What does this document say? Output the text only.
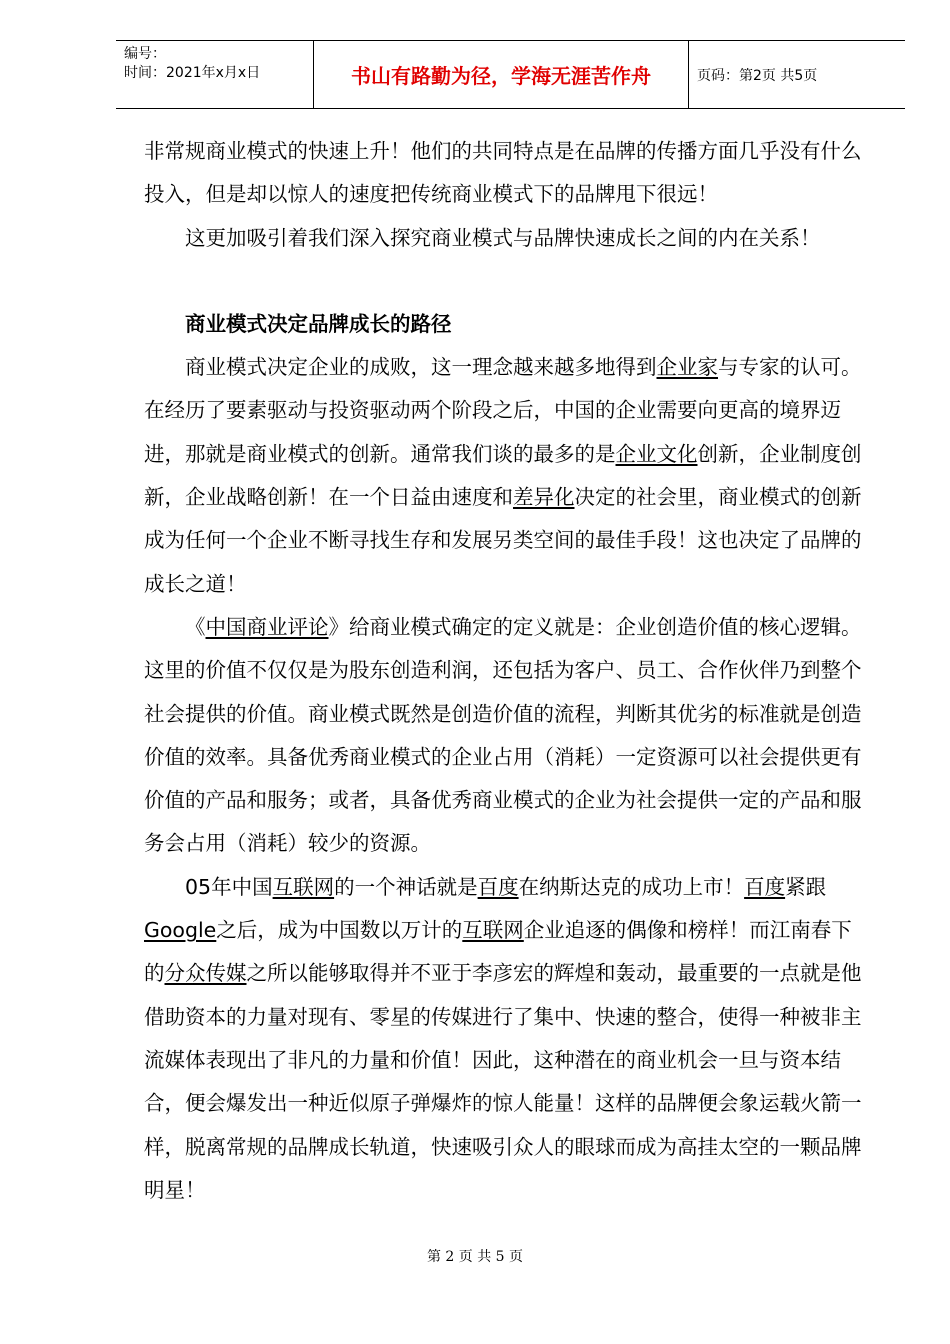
编号：
时间：2021年x月x日	书山有路勤为径，学海无涯苦作舟	页码：第2页 共5页

非常规商业模式的快速上升！他们的共同特点是在品牌的传播方面几乎没有什么投入，但是却以惊人的速度把传统商业模式下的品牌甩下很远！

这更加吸引着我们深入探究商业模式与品牌快速成长之间的内在关系！

商业模式决定品牌成长的路径

商业模式决定企业的成败，这一理念越来越多地得到企业家与专家的认可。在经历了要素驱动与投资驱动两个阶段之后，中国的企业需要向更高的境界迈进，那就是商业模式的创新。通常我们谈的最多的是企业文化创新，企业制度创新，企业战略创新！在一个日益由速度和差异化决定的社会里，商业模式的创新成为任何一个企业不断寻找生存和发展另类空间的最佳手段！这也决定了品牌的成长之道！

《中国商业评论》给商业模式确定的定义就是：企业创造价值的核心逻辑。这里的价值不仅仅是为股东创造利润，还包括为客户、员工、合作伙伴乃到整个社会提供的价值。商业模式既然是创造价值的流程，判断其优劣的标准就是创造价值的效率。具备优秀商业模式的企业占用（消耗）一定资源可以社会提供更有价值的产品和服务；或者，具备优秀商业模式的企业为社会提供一定的产品和服务会占用（消耗）较少的资源。

05年中国互联网的一个神话就是百度在纳斯达克的成功上市！百度紧跟Google之后，成为中国数以万计的互联网企业追逐的偶像和榜样！而江南春下的分众传媒之所以能够取得并不亚于李彦宏的辉煌和轰动，最重要的一点就是他借助资本的力量对现有、零星的传媒进行了集中、快速的整合，使得一种被非主流媒体表现出了非凡的力量和价值！因此，这种潜在的商业机会一旦与资本结合，便会爆发出一种近似原子弹爆炸的惊人能量！这样的品牌便会象运载火箭一样，脱离常规的品牌成长轨道，快速吸引众人的眼球而成为高挂太空的一颗品牌明星！

第 2 页 共 5 页
